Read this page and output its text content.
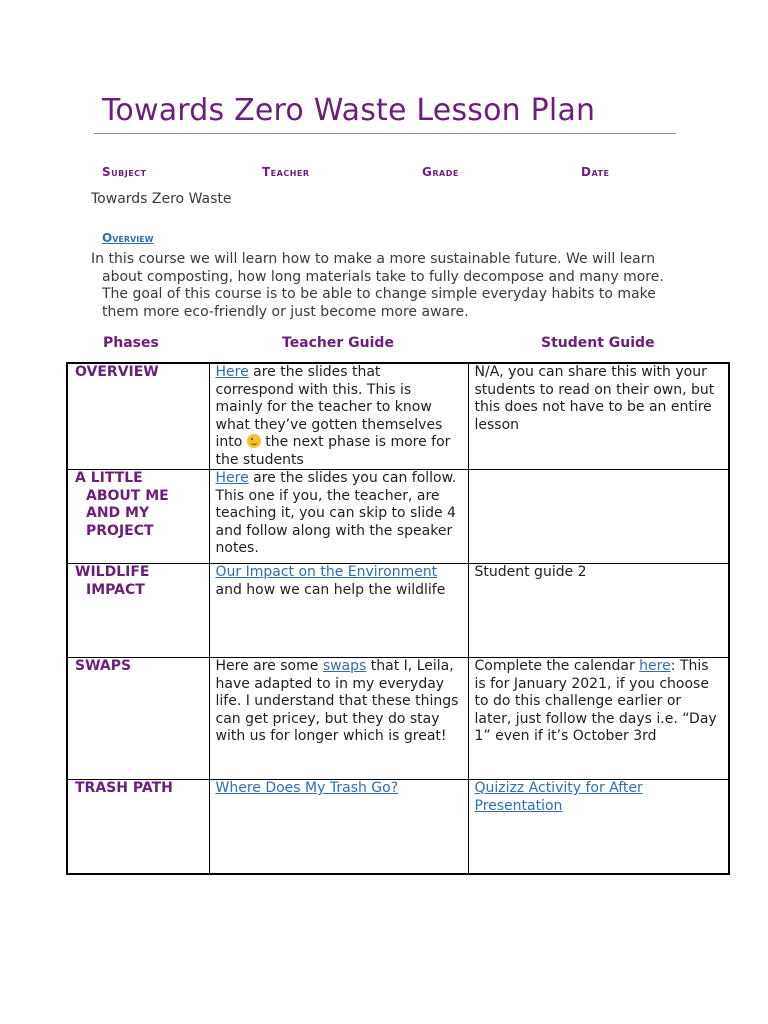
Towards Zero Waste Lesson Plan
Subject	Teacher	Grade	Date
Towards Zero Waste
Overview

In this course we will learn how to make a more sustainable future. We will learn
about composting, how long materials take to fully decompose and many more.
The goal of this course is to be able to change simple everyday habits to make
them more eco-friendly or just become more aware.

Phases	Teacher Guide	Student Guide
OVERVIEW	Here are the slides that correspond with this. This is mainly for the teacher to know what they’ve gotten themselves into  the next phase is more for the students	N/A, you can share this with your students to read on their own, but this does not have to be an entire lesson
A LITTLE
ABOUT ME
AND MY
PROJECT	Here are the slides you can follow. This one if you, the teacher, are teaching it, you can skip to slide 4 and follow along with the speaker notes.	
WILDLIFE
IMPACT	Our Impact on the Environment and how we can help the wildlife	Student guide 2
SWAPS	Here are some swaps that I, Leila, have adapted to in my everyday life. I understand that these things can get pricey, but they do stay with us for longer which is great!	Complete the calendar here: This is for January 2021, if you choose to do this challenge earlier or later, just follow the days i.e. “Day 1” even if it’s October 3rd
TRASH PATH	Where Does My Trash Go?	Quizizz Activity for After Presentation
